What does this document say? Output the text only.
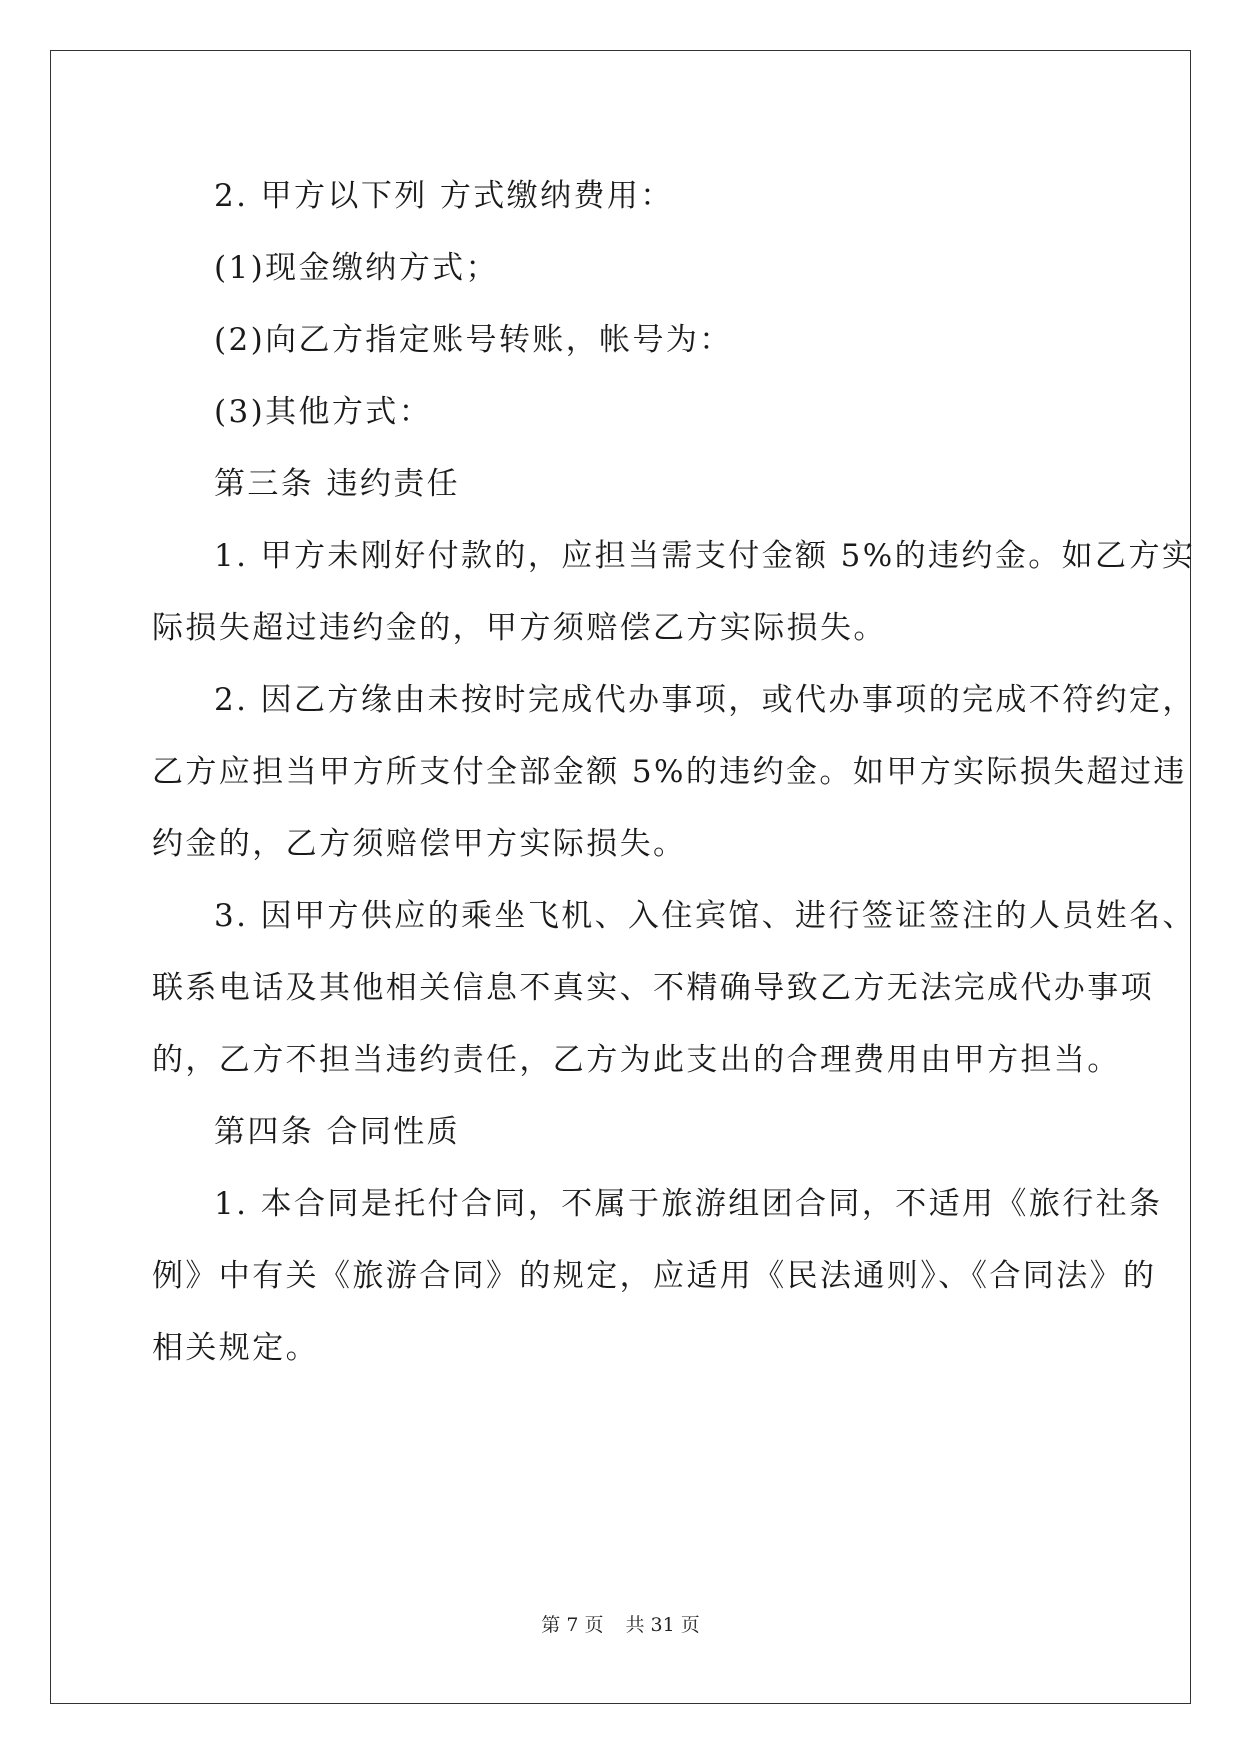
2. 甲方以下列 方式缴纳费用：

(1)现金缴纳方式；

(2)向乙方指定账号转账，帐号为：

(3)其他方式：

第三条 违约责任

1. 甲方未刚好付款的，应担当需支付金额 5%的违约金。如乙方实

际损失超过违约金的，甲方须赔偿乙方实际损失。

2. 因乙方缘由未按时完成代办事项，或代办事项的完成不符约定，

乙方应担当甲方所支付全部金额 5%的违约金。如甲方实际损失超过违

约金的，乙方须赔偿甲方实际损失。

3. 因甲方供应的乘坐飞机、入住宾馆、进行签证签注的人员姓名、

联系电话及其他相关信息不真实、不精确导致乙方无法完成代办事项

的，乙方不担当违约责任，乙方为此支出的合理费用由甲方担当。

第四条 合同性质

1. 本合同是托付合同，不属于旅游组团合同，不适用《旅行社条

例》中有关《旅游合同》的规定，应适用《民法通则》、《合同法》的

相关规定。

第 7 页 共 31 页
